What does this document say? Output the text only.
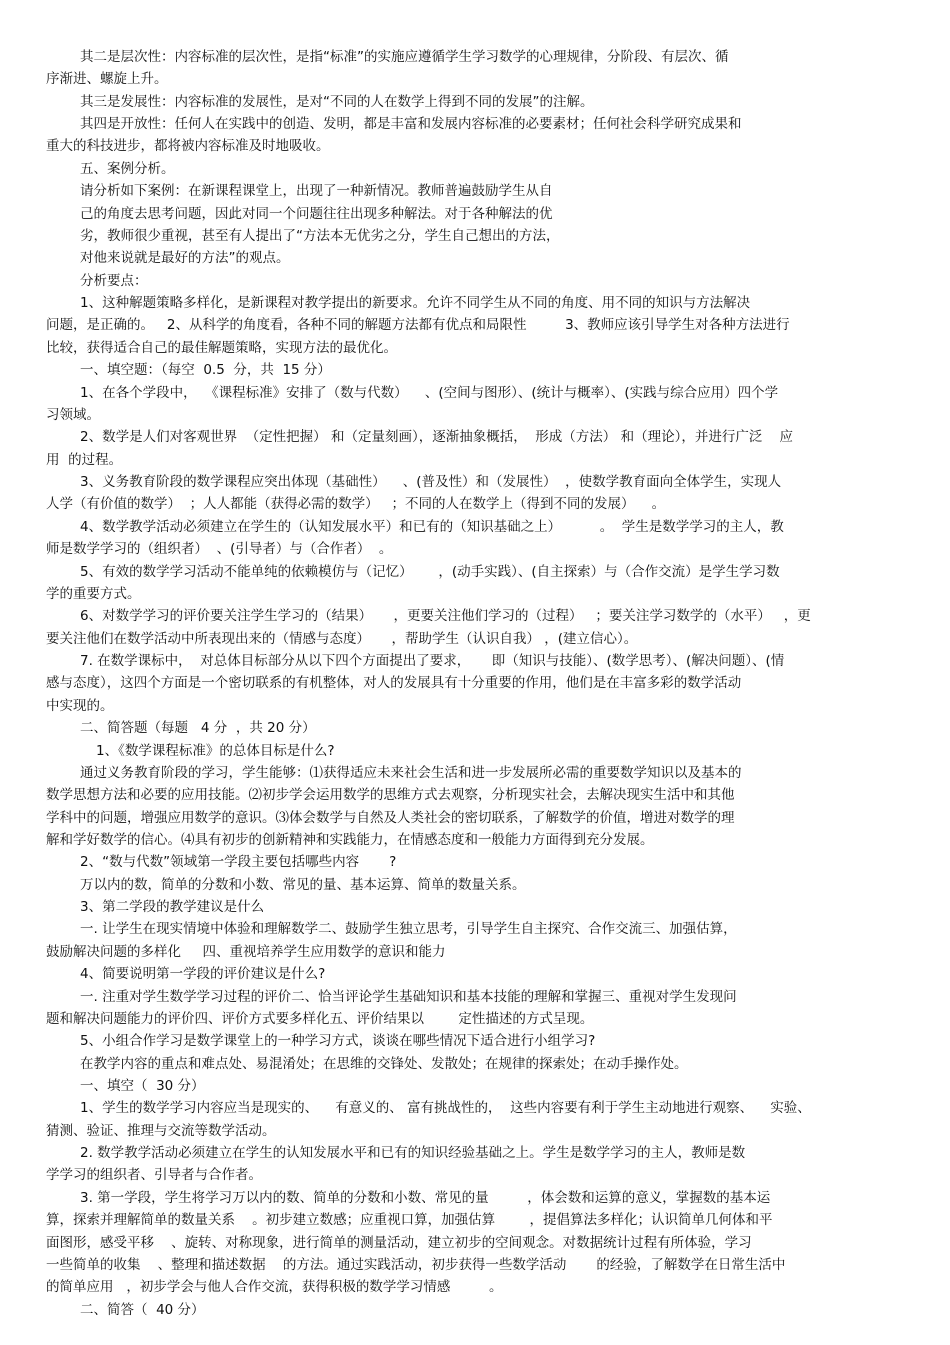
其二是层次性：内容标准的层次性，是指“标准”的实施应遵循学生学习数学的心理规律，分阶段、有层次、循
序渐进、螺旋上升。
其三是发展性：内容标准的发展性，是对“不同的人在数学上得到不同的发展”的注解。
其四是开放性：任何人在实践中的创造、发明，都是丰富和发展内容标准的必要素材；任何社会科学研究成果和
重大的科技进步，都将被内容标准及时地吸收。
五、案例分析。
请分析如下案例：在新课程课堂上，出现了一种新情况。教师普遍鼓励学生从自
己的角度去思考问题，因此对同一个问题往往出现多种解法。对于各种解法的优
劣，教师很少重视，甚至有人提出了“方法本无优劣之分，学生自己想出的方法，
对他来说就是最好的方法”的观点。
分析要点：
1、这种解题策略多样化，是新课程对教学提出的新要求。允许不同学生从不同的角度、用不同的知识与方法解决
问题，是正确的。   2、从科学的角度看，各种不同的解题方法都有优点和局限性         3、教师应该引导学生对各种方法进行
比较，获得适合自己的最佳解题策略，实现方法的最优化。
一、填空题：（每空  0.5  分，共  15 分）
1、在各个学段中，  《课程标准》安排了（数与代数）    、(空间与图形）、(统计与概率）、(实践与综合应用）四个学
习领域。
2、数学是人们对客观世界  （定性把握） 和（定量刻画），逐渐抽象概括，  形成（方法） 和（理论），并进行广泛    应
用  的过程。
3、义务教育阶段的数学课程应突出体现（基础性）    、(普及性）和（发展性）  ，使数学教育面向全体学生，实现人
人学（有价值的数学）  ；人人都能（获得必需的数学）   ；不同的人在数学上（得到不同的发展）    。
4、数学教学活动必须建立在学生的（认知发展水平）和已有的（知识基础之上）         。  学生是数学学习的主人，教
师是数学学习的（组织者）  、(引导者）与（合作者）  。
5、有效的数学学习活动不能单纯的依赖模仿与（记忆）      ，(动手实践）、(自主探索）与（合作交流）是学生学习数
学的重要方式。
6、对数学学习的评价要关注学生学习的（结果）     ，更要关注他们学习的（过程）   ；要关注学习数学的（水平）   ，更
要关注他们在数学活动中所表现出来的（情感与态度）     ，帮助学生（认识自我） ，(建立信心）。
7. 在数学课标中，  对总体目标部分从以下四个方面提出了要求，     即（知识与技能）、(数学思考）、(解决问题）、(情
感与态度），这四个方面是一个密切联系的有机整体，对人的发展具有十分重要的作用，他们是在丰富多彩的数学活动
中实现的。
二、简答题（每题   4 分  ，共 20 分）
1、《数学课程标准》的总体目标是什么?
通过义务教育阶段的学习，学生能够：⑴获得适应未来社会生活和进一步发展所必需的重要数学知识以及基本的
数学思想方法和必要的应用技能。⑵初步学会运用数学的思维方式去观察，分析现实社会，去解决现实生活中和其他
学科中的问题，增强应用数学的意识。⑶体会数学与自然及人类社会的密切联系，了解数学的价值，增进对数学的理
解和学好数学的信心。⑷具有初步的创新精神和实践能力，在情感态度和一般能力方面得到充分发展。
2、“数与代数”领域第一学段主要包括哪些内容       ?
万以内的数，简单的分数和小数、常见的量、基本运算、简单的数量关系。
3、第二学段的教学建议是什么
一. 让学生在现实情境中体验和理解数学二、鼓励学生独立思考，引导学生自主探究、合作交流三、加强估算，
鼓励解决问题的多样化     四、重视培养学生应用数学的意识和能力
4、简要说明第一学段的评价建议是什么?
一. 注重对学生数学学习过程的评价二、恰当评论学生基础知识和基本技能的理解和掌握三、重视对学生发现问
题和解决问题能力的评价四、评价方式要多样化五、评价结果以        定性描述的方式呈现。
5、小组合作学习是数学课堂上的一种学习方式，谈谈在哪些情况下适合进行小组学习?
在教学内容的重点和难点处、易混淆处；在思维的交锋处、发散处；在规律的探索处；在动手操作处。
一、填空（  30 分）
1、学生的数学学习内容应当是现实的、    有意义的、 富有挑战性的，  这些内容要有利于学生主动地进行观察、    实验、
猜测、验证、推理与交流等数学活动。
2. 数学教学活动必须建立在学生的认知发展水平和已有的知识经验基础之上。学生是数学学习的主人，教师是数
学学习的组织者、引导者与合作者。
3. 第一学段，学生将学习万以内的数、简单的分数和小数、常见的量         ，体会数和运算的意义，掌握数的基本运
算，探索并理解简单的数量关系    。初步建立数感；应重视口算，加强估算        ，提倡算法多样化；认识简单几何体和平
面图形，感受平移    、旋转、对称现象，进行简单的测量活动，建立初步的空间观念。对数据统计过程有所体验，学习
一些简单的收集    、整理和描述数据    的方法。通过实践活动，初步获得一些数学活动       的经验，了解数学在日常生活中
的简单应用   ，初步学会与他人合作交流，获得积极的数学学习情感         。
二、简答（  40 分）
